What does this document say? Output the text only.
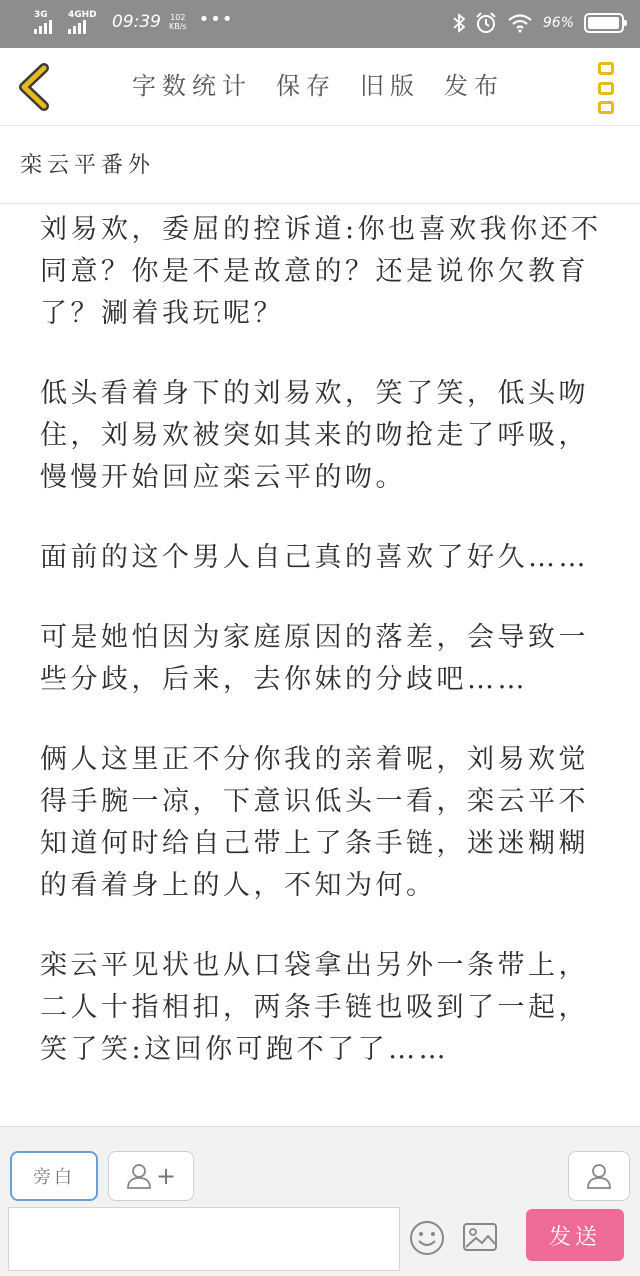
3G 4GHD 09:39 102
KB/s •••	96%
字数统计 保存 旧版 发布
栾云平番外

刘易欢，委屈的控诉道:你也喜欢我你还不同意？你是不是故意的？还是说你欠教育了？涮着我玩呢？

低头看着身下的刘易欢，笑了笑，低头吻住，刘易欢被突如其来的吻抢走了呼吸，慢慢开始回应栾云平的吻。

面前的这个男人自己真的喜欢了好久……

可是她怕因为家庭原因的落差，会导致一些分歧，后来，去你妹的分歧吧……

俩人这里正不分你我的亲着呢，刘易欢觉得手腕一凉，下意识低头一看，栾云平不知道何时给自己带上了条手链，迷迷糊糊的看着身上的人，不知为何。

栾云平见状也从口袋拿出另外一条带上，二人十指相扣，两条手链也吸到了一起，笑了笑:这回你可跑不了了……

旁白	+
发送
